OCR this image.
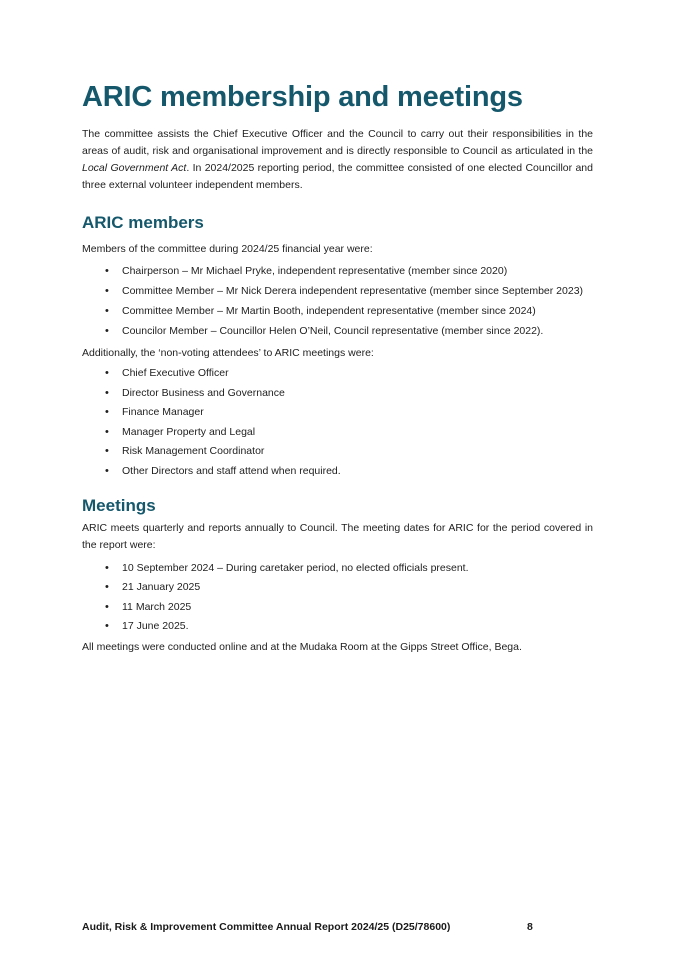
ARIC membership and meetings

The committee assists the Chief Executive Officer and the Council to carry out their responsibilities in the areas of audit, risk and organisational improvement and is directly responsible to Council as articulated in the Local Government Act. In 2024/2025 reporting period, the committee consisted of one elected Councillor and three external volunteer independent members.

ARIC members

Members of the committee during 2024/25 financial year were:

• Chairperson – Mr Michael Pryke, independent representative (member since 2020)
• Committee Member – Mr Nick Derera independent representative (member since September 2023)
• Committee Member – Mr Martin Booth, independent representative (member since 2024)
• Councilor Member – Councillor Helen O’Neil, Council representative (member since 2022).

Additionally, the ‘non-voting attendees’ to ARIC meetings were:

• Chief Executive Officer
• Director Business and Governance
• Finance Manager
• Manager Property and Legal
• Risk Management Coordinator
• Other Directors and staff attend when required.
Meetings

ARIC meets quarterly and reports annually to Council. The meeting dates for ARIC for the period covered in the report were:

• 10 September 2024 – During caretaker period, no elected officials present.
• 21 January 2025
• 11 March 2025
• 17 June 2025.

All meetings were conducted online and at the Mudaka Room at the Gipps Street Office, Bega.

Audit, Risk & Improvement Committee Annual Report 2024/25 (D25/78600)	8
